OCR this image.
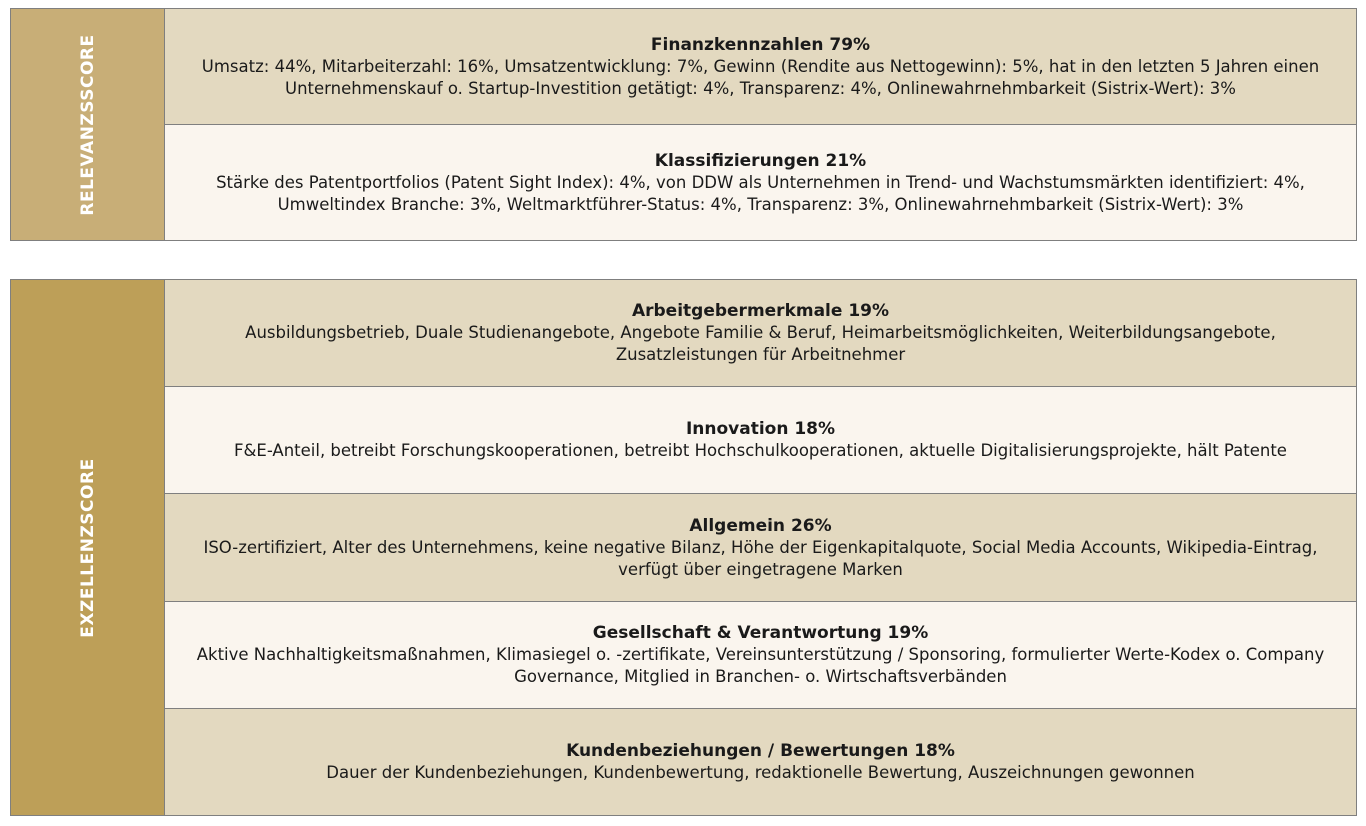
RELEVANZSSCORE	Finanzkennzahlen 79%
Umsatz: 44%, Mitarbeiterzahl: 16%, Umsatzentwicklung: 7%, Gewinn (Rendite aus Nettogewinn): 5%, hat in den letzten 5 Jahren einen Unternehmenskauf o. Startup-Investition getätigt: 4%, Transparenz: 4%, Onlinewahrnehmbarkeit (Sistrix-Wert): 3%
Klassifizierungen 21%
Stärke des Patentportfolios (Patent Sight Index): 4%, von DDW als Unternehmen in Trend- und Wachstumsmärkten identifiziert: 4%, Umweltindex Branche: 3%, Weltmarktführer-Status: 4%, Transparenz: 3%, Onlinewahrnehmbarkeit (Sistrix-Wert): 3%
EXZELLENZSCORE
Arbeitgebermerkmale 19%
Ausbildungsbetrieb, Duale Studienangebote, Angebote Familie & Beruf, Heimarbeitsmöglichkeiten, Weiterbildungsangebote, Zusatzleistungen für Arbeitnehmer
Innovation 18%
F&E-Anteil, betreibt Forschungskooperationen, betreibt Hochschulkooperationen, aktuelle Digitalisierungsprojekte, hält Patente
Allgemein 26%
ISO-zertifiziert, Alter des Unternehmens, keine negative Bilanz, Höhe der Eigenkapitalquote, Social Media Accounts, Wikipedia-Eintrag, verfügt über eingetragene Marken
Gesellschaft & Verantwortung 19%
Aktive Nachhaltigkeitsmaßnahmen, Klimasiegel o. -zertifikate, Vereinsunterstützung / Sponsoring, formulierter Werte-Kodex o. Company Governance, Mitglied in Branchen- o. Wirtschaftsverbänden
Kundenbeziehungen / Bewertungen 18%
Dauer der Kundenbeziehungen, Kundenbewertung, redaktionelle Bewertung, Auszeichnungen gewonnen
